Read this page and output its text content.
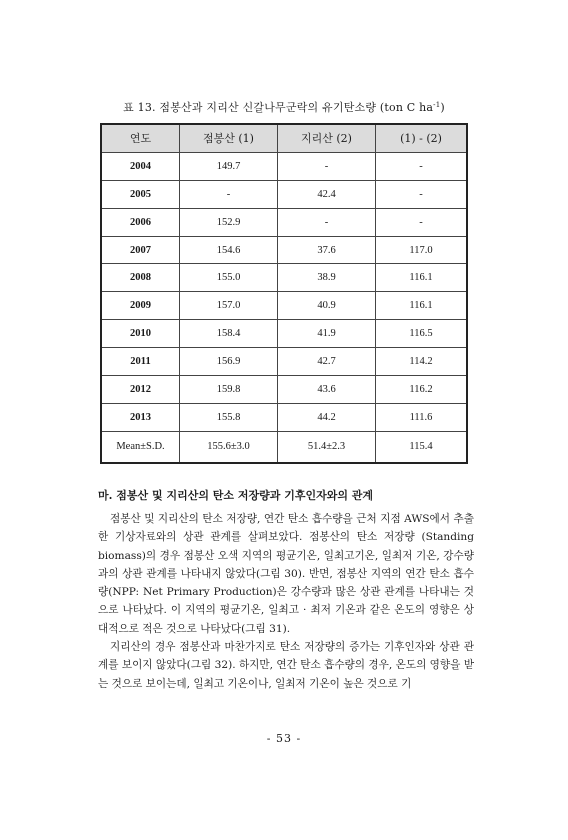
표 13. 점봉산과 지리산 신갈나무군락의 유기탄소량 (ton C $ha^{-1}$)
연도	점봉산 (1)	지리산 (2)	(1) - (2)
2004	149.7	-	-
2005	-	42.4	-
2006	152.9	-	-
2007	154.6	37.6	117.0
2008	155.0	38.9	116.1
2009	157.0	40.9	116.1
2010	158.4	41.9	116.5
2011	156.9	42.7	114.2
2012	159.8	43.6	116.2
2013	155.8	44.2	111.6
Mean±S.D.	155.6±3.0	51.4±2.3	115.4
마. 점봉산 및 지리산의 탄소 저장량과 기후인자와의 관계

점봉산 및 지리산의 탄소 저장량, 연간 탄소 흡수량을 근처 지점 AWS에서 추출한 기상자료와의 상관 관계를 살펴보았다. 점봉산의 탄소 저장량 (Standing biomass)의 경우 점봉산 오색 지역의 평균기온, 일최고기온, 일최저 기온, 강수량과의 상관 관계를 나타내지 않았다(그림 30). 반면, 점봉산 지역의 연간 탄소 흡수량(NPP: Net Primary Production)은 강수량과 많은 상관 관계를 나타내는 것으로 나타났다. 이 지역의 평균기온, 일최고 · 최저 기온과 같은 온도의 영향은 상대적으로 적은 것으로 나타났다(그림 31).

지리산의 경우 점봉산과 마찬가지로 탄소 저장량의 증가는 기후인자와 상관 관계를 보이지 않았다(그림 32). 하지만, 연간 탄소 흡수량의 경우, 온도의 영향을 받는 것으로 보이는데, 일최고 기온이나, 일최저 기온이 높은 것으로 기

- 53 -
